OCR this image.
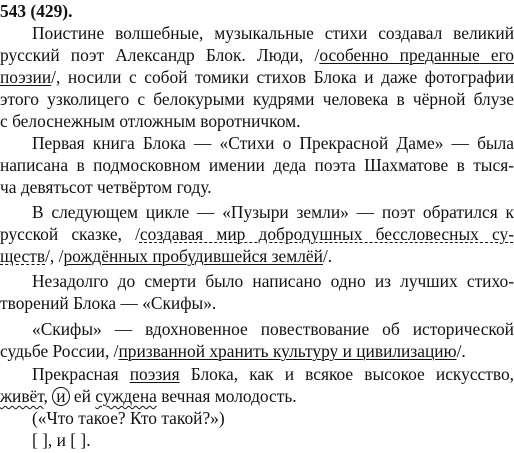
543 (429).
Поистине волшебные, музыкальные стихи создавал великий
русский поэт Александр Блок. Люди, /особенно преданные его
поэзии/, носили с собой томики стихов Блока и даже фотографии
этого узколицего с белокурыми кудрями человека в чёрной блузе
с белоснежным отложным воротничком.
Первая книга Блока — «Стихи о Прекрасной Даме» — была
написана в подмосковном имении деда поэта Шахматове в тыся-
ча девятьсот четвёртом году.
В следующем цикле — «Пузыри земли» — поэт обратился к
русской сказке, /создавая мир добродушных бессловесных су-
ществ/, /рождённых пробудившейся землёй/.
Незадолго до смерти было написано одно из лучших стихо-
творений Блока — «Скифы».
«Скифы» — вдохновенное повествование об исторической
судьбе России, /призванной хранить культуру и цивилизацию/.
Прекрасная поэзия Блока, как и всякое высокое искусство,
живёт, и ей суждена вечная молодость.
(«Что такое? Кто такой?»)
[ ], и [ ].
